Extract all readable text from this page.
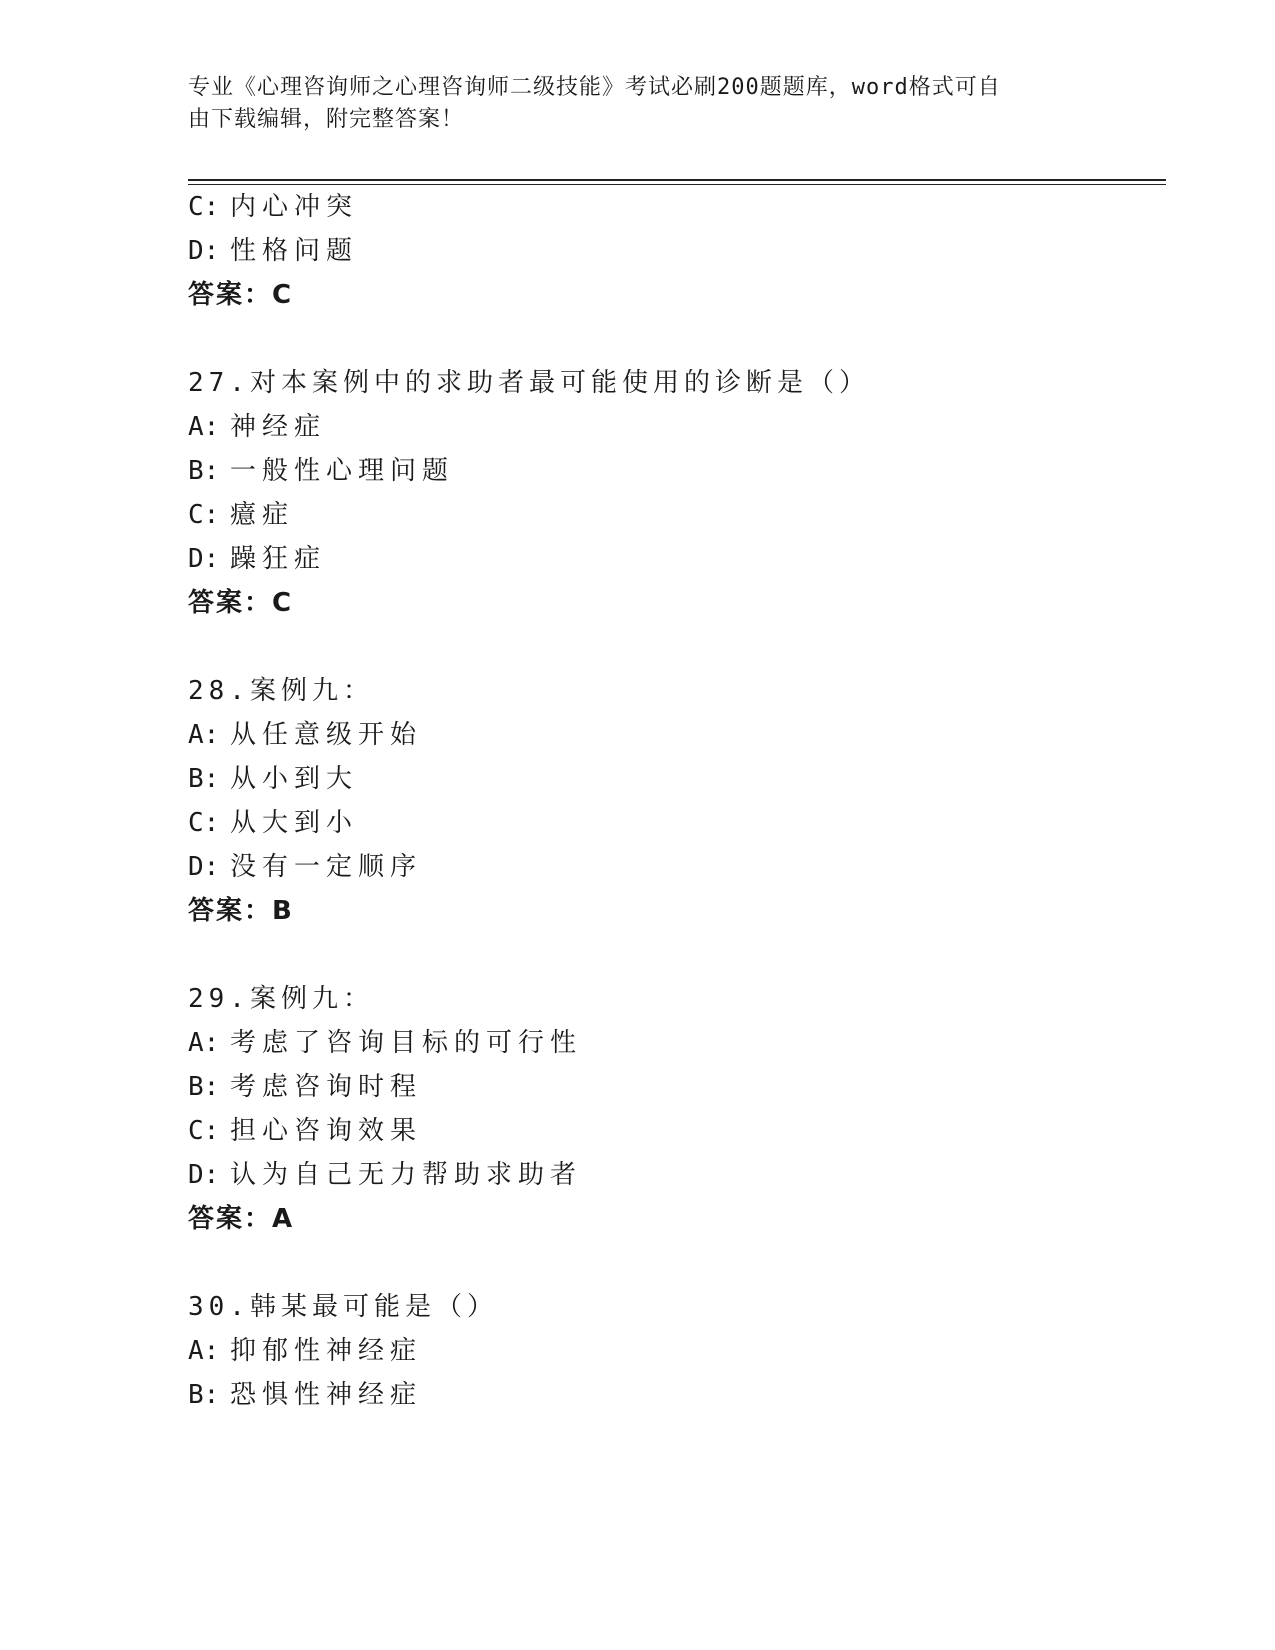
专业《心理咨询师之心理咨询师二级技能》考试必刷200题题库，word格式可自
由下载编辑，附完整答案！
C: 内心冲突
D: 性格问题
答案：C
27.对本案例中的求助者最可能使用的诊断是（）
A: 神经症
B: 一般性心理问题
C: 癔症
D: 躁狂症
答案：C
28.案例九：
A: 从任意级开始
B: 从小到大
C: 从大到小
D: 没有一定顺序
答案：B
29.案例九：
A: 考虑了咨询目标的可行性
B: 考虑咨询时程
C: 担心咨询效果
D: 认为自己无力帮助求助者
答案：A
30.韩某最可能是（）
A: 抑郁性神经症
B: 恐惧性神经症
